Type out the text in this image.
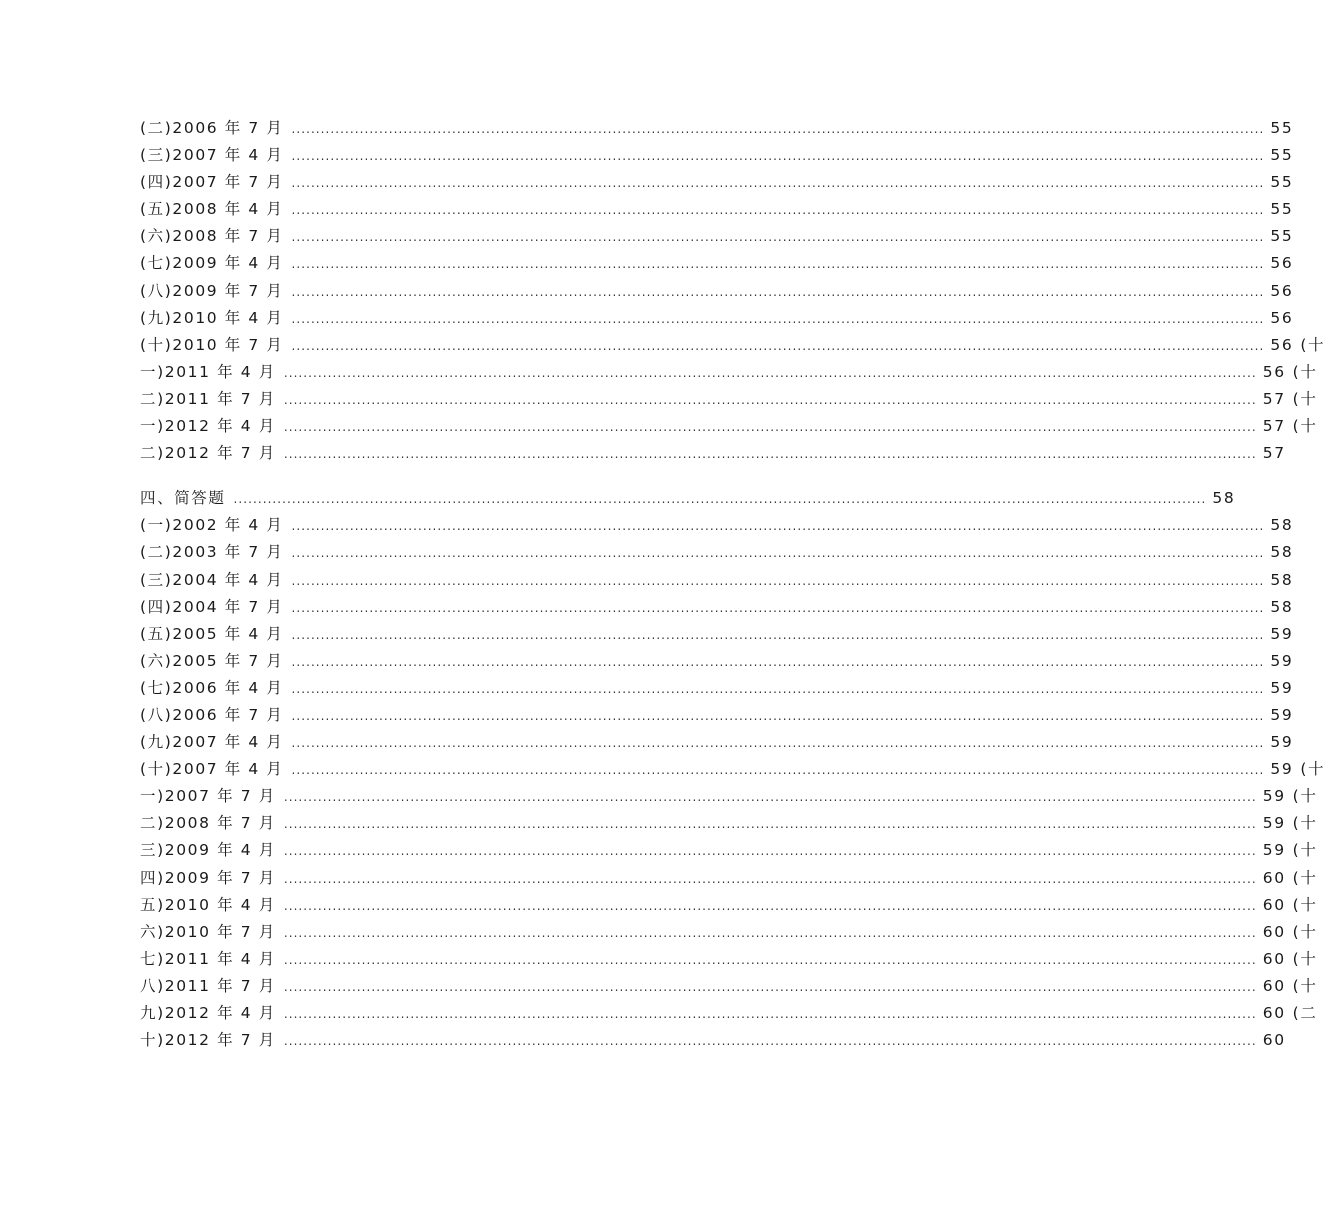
(二)2006 年 7 月 ........................................................................................................................................................................................................ 55
(三)2007 年 4 月 ........................................................................................................................................................................................................ 55
(四)2007 年 7 月 ........................................................................................................................................................................................................ 55
(五)2008 年 4 月 ........................................................................................................................................................................................................ 55
(六)2008 年 7 月 ........................................................................................................................................................................................................ 55
(七)2009 年 4 月 ........................................................................................................................................................................................................ 56
(八)2009 年 7 月 ........................................................................................................................................................................................................ 56
(九)2010 年 4 月 ........................................................................................................................................................................................................ 56
(十)2010 年 7 月 ........................................................................................................................................................................................................ 56 (十
一)2011 年 4 月 ........................................................................................................................................................................................................ 56 (十
二)2011 年 7 月 ........................................................................................................................................................................................................ 57 (十
一)2012 年 4 月 ........................................................................................................................................................................................................ 57 (十
二)2012 年 7 月 ........................................................................................................................................................................................................ 57
四、简答题 ........................................................................................................................................................................................................ 58
(一)2002 年 4 月 ........................................................................................................................................................................................................ 58
(二)2003 年 7 月 ........................................................................................................................................................................................................ 58
(三)2004 年 4 月 ........................................................................................................................................................................................................ 58
(四)2004 年 7 月 ........................................................................................................................................................................................................ 58
(五)2005 年 4 月 ........................................................................................................................................................................................................ 59
(六)2005 年 7 月 ........................................................................................................................................................................................................ 59
(七)2006 年 4 月 ........................................................................................................................................................................................................ 59
(八)2006 年 7 月 ........................................................................................................................................................................................................ 59
(九)2007 年 4 月 ........................................................................................................................................................................................................ 59
(十)2007 年 4 月 ........................................................................................................................................................................................................ 59 (十
一)2007 年 7 月 ........................................................................................................................................................................................................ 59 (十
二)2008 年 7 月 ........................................................................................................................................................................................................ 59 (十
三)2009 年 4 月 ........................................................................................................................................................................................................ 59 (十
四)2009 年 7 月 ........................................................................................................................................................................................................ 60 (十
五)2010 年 4 月 ........................................................................................................................................................................................................ 60 (十
六)2010 年 7 月 ........................................................................................................................................................................................................ 60 (十
七)2011 年 4 月 ........................................................................................................................................................................................................ 60 (十
八)2011 年 7 月 ........................................................................................................................................................................................................ 60 (十
九)2012 年 4 月 ........................................................................................................................................................................................................ 60 (二
十)2012 年 7 月 ........................................................................................................................................................................................................ 60
